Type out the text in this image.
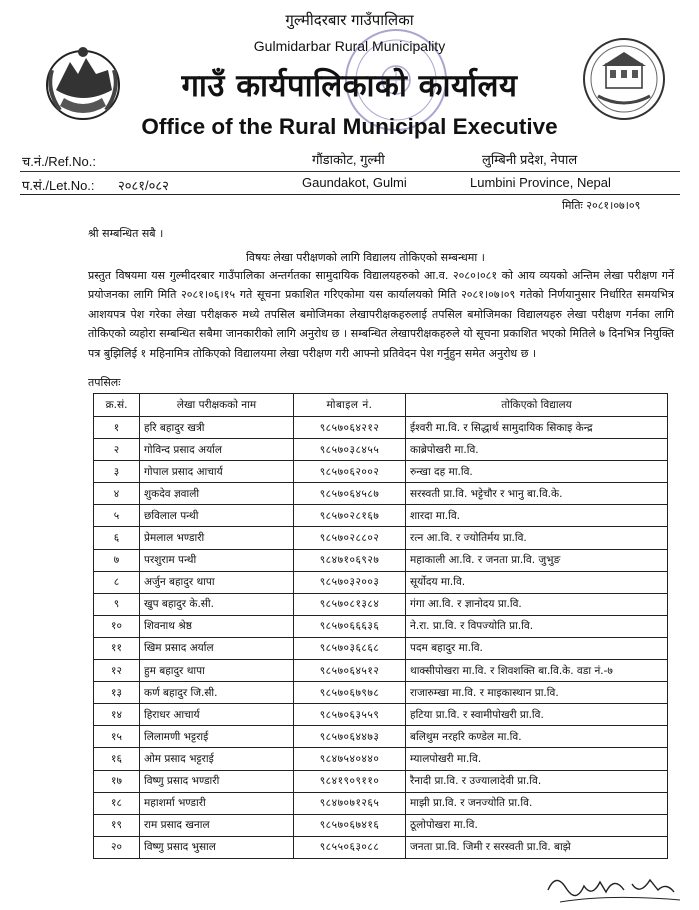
गुल्मीदरबार गाउँपालिका
Gulmidarbar Rural Municipality
गाउँ कार्यपालिकाको कार्यालय
Office of the Rural Municipal Executive
च.नं./Ref.No.:	गौंडाकोट, गुल्मी	लुम्बिनी प्रदेश, नेपाल
प.सं./Let.No.: २०८१/०८२	Gaundakot, Gulmi	Lumbini Province, Nepal
मितिः २०८१।०७।०९
श्री सम्बन्धित सबै ।
विषयः लेखा परीक्षणको लागि विद्यालय तोकिएको सम्बन्धमा ।
प्रस्तुत विषयमा यस गुल्मीदरबार गाउँपालिका अन्तर्गतका सामुदायिक विद्यालयहरुको आ.व. २०८०।०८१ को आय व्ययको अन्तिम लेखा परीक्षण गर्ने प्रयोजनका लागि मिति २०८१।०६।१५ गते सूचना प्रकाशित गरिएकोमा यस कार्यालयको मिति २०८१।०७।०९ गतेको निर्णयानुसार निर्धारित समयभित्र आशयपत्र पेश गरेका लेखा परीक्षकरु मध्ये तपसिल बमोजिमका लेखापरीक्षकहरुलाई तपसिल बमोजिमका विद्यालयहरु लेखा परीक्षण गर्नका लागि तोकिएको व्यहोरा सम्बन्धित सबैमा जानकारीको लागि अनुरोध छ । सम्बन्धित लेखापरीक्षकहरुले यो सूचना प्रकाशित भएको मितिले ७ दिनभित्र नियुक्ति पत्र बुझिलिई १ महिनामित्र तोकिएको विद्यालयमा लेखा परीक्षण गरी आफ्नो प्रतिवेदन पेश गर्नुहुन समेत अनुरोध छ ।
तपसिलः
क्र.सं.	लेखा परीक्षकको नाम	मोबाइल नं.	तोकिएको विद्यालय
१	हरि बहादुर खत्री	९८५७०६४२१२	ईश्वरी मा.वि. र सिद्धार्थ सामुदायिक सिकाइ केन्द्र
२	गोविन्द प्रसाद अर्याल	९८५७०३८४५५	काब्रेपोखरी मा.वि.
३	गोपाल प्रसाद आचार्य	९८५७०६२००२	रुन्खा दह मा.वि.
४	शुकदेव ज्ञवाली	९८५७०६४५८७	सरस्वती प्रा.वि. भट्टेचौर र भानु बा.वि.के.
५	छविलाल पन्थी	९८५७०२८१६७	शारदा मा.वि.
६	प्रेमलाल भण्डारी	९८५७०२८८०२	रत्न आ.वि. र ज्योतिर्मय प्रा.वि.
७	परशुराम पन्थी	९८४७१०६९२७	महाकाली आ.वि. र जनता प्रा.वि. जुभुङ
८	अर्जुन बहादुर थापा	९८५७०३२००३	सूर्योदय मा.वि.
९	खुप बहादुर के.सी.	९८५७०८१३८४	गंगा आ.वि. र ज्ञानोदय प्रा.वि.
१०	शिवनाथ श्रेष्ठ	९८५७०६६६३६	ने.रा. प्रा.वि. र विपज्योति प्रा.वि.
११	खिम प्रसाद अर्याल	९८५७०३६८६८	पदम बहादुर मा.वि.
१२	हुम बहादुर थापा	९८५७०६४५१२	थाक्सीपोखरा मा.वि. र शिवशक्ति बा.वि.के. वडा नं.-७
१३	कर्ण बहादुर जि.सी.	९८५७०६७९७८	राजारुम्खा मा.वि. र माइकास्थान प्रा.वि.
१४	हिराधर आचार्य	९८५७०६३५५९	हटिया प्रा.वि. र स्वामीपोखरी प्रा.वि.
१५	लिलामणी भट्टराई	९८५७०६४४७३	बलिथुम नरहरि कण्डेल मा.वि.
१६	ओम प्रसाद भट्टराई	९८४७५४०४४०	म्यालपोखरी मा.वि.
१७	विष्णु प्रसाद भण्डारी	९८४१९०९११०	रैनादी प्रा.वि. र उज्यालादेवी प्रा.वि.
१८	महाशर्मा भण्डारी	९८४७०७१२६५	माझी प्रा.वि. र जनज्योति प्रा.वि.
१९	राम प्रसाद खनाल	९८५७०६७४१६	ठूलोपोखरा मा.वि.
२०	विष्णु प्रसाद भुसाल	९८५५०६३०८८	जनता प्रा.वि. जिमी र सरस्वती प्रा.वि. बाझे
